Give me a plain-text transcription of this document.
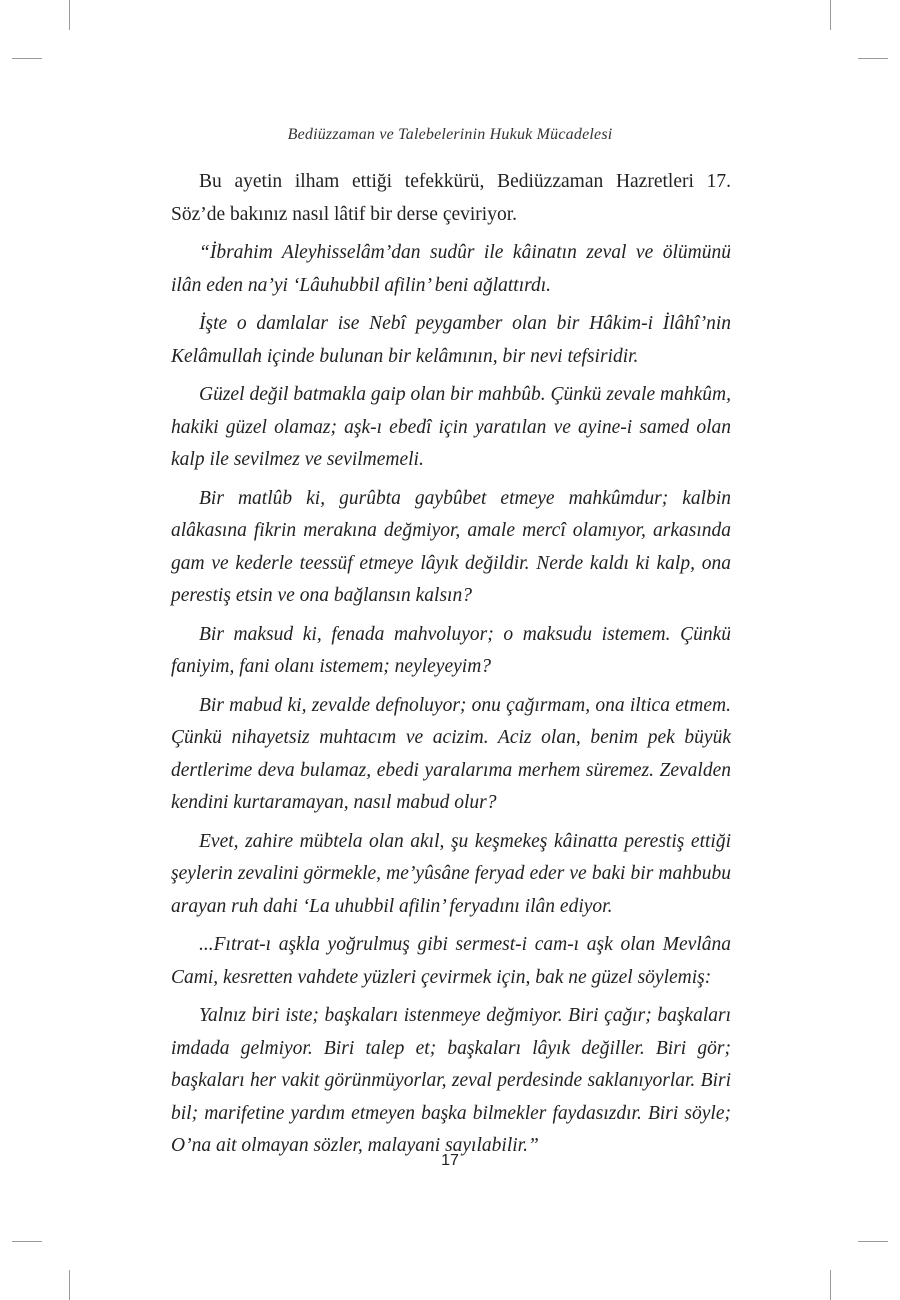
Bediüzzaman ve Talebelerinin Hukuk Mücadelesi

Bu ayetin ilham ettiği tefekkürü, Bediüzzaman Hazretleri 17. Söz’de bakınız nasıl lâtif bir derse çeviriyor.

“İbrahim Aleyhisselâm’dan sudûr ile kâinatın zeval ve ölümünü ilân eden na’yi ‘Lâuhubbil afilin’ beni ağlattırdı.

İşte o damlalar ise Nebî peygamber olan bir Hâkim-i İlâhî’nin Kelâmullah içinde bulunan bir kelâmının, bir nevi tefsiridir.

Güzel değil batmakla gaip olan bir mahbûb. Çünkü zevale mahkûm, hakiki güzel olamaz; aşk-ı ebedî için yaratılan ve ayine-i samed olan kalp ile sevilmez ve sevilmemeli.

Bir matlûb ki, gurûbta gaybûbet etmeye mahkûmdur; kalbin alâkasına fikrin merakına değmiyor, amale mercî olamıyor, arkasında gam ve kederle teessüf etmeye lâyık değildir. Nerde kaldı ki kalp, ona perestiş etsin ve ona bağlansın kalsın?

Bir maksud ki, fenada mahvoluyor; o maksudu istemem. Çünkü faniyim, fani olanı istemem; neyleyeyim?

Bir mabud ki, zevalde defnoluyor; onu çağırmam, ona iltica etmem. Çünkü nihayetsiz muhtacım ve acizim. Aciz olan, benim pek büyük dertlerime deva bulamaz, ebedi yaralarıma merhem süremez. Zevalden kendini kurtaramayan, nasıl mabud olur?

Evet, zahire mübtela olan akıl, şu keşmekeş kâinatta perestiş ettiği şeylerin zevalini görmekle, me’yûsâne feryad eder ve baki bir mahbubu arayan ruh dahi ‘La uhubbil afilin’ feryadını ilân ediyor.

...Fıtrat-ı aşkla yoğrulmuş gibi sermest-i cam-ı aşk olan Mevlâna Cami, kesretten vahdete yüzleri çevirmek için, bak ne güzel söylemiş:

Yalnız biri iste; başkaları istenmeye değmiyor. Biri çağır; başkaları imdada gelmiyor. Biri talep et; başkaları lâyık değiller. Biri gör; başkaları her vakit görünmüyorlar, zeval perdesinde saklanıyorlar. Biri bil; marifetine yardım etmeyen başka bilmekler faydasızdır. Biri söyle; O’na ait olmayan sözler, malayani sayılabilir.”

17
